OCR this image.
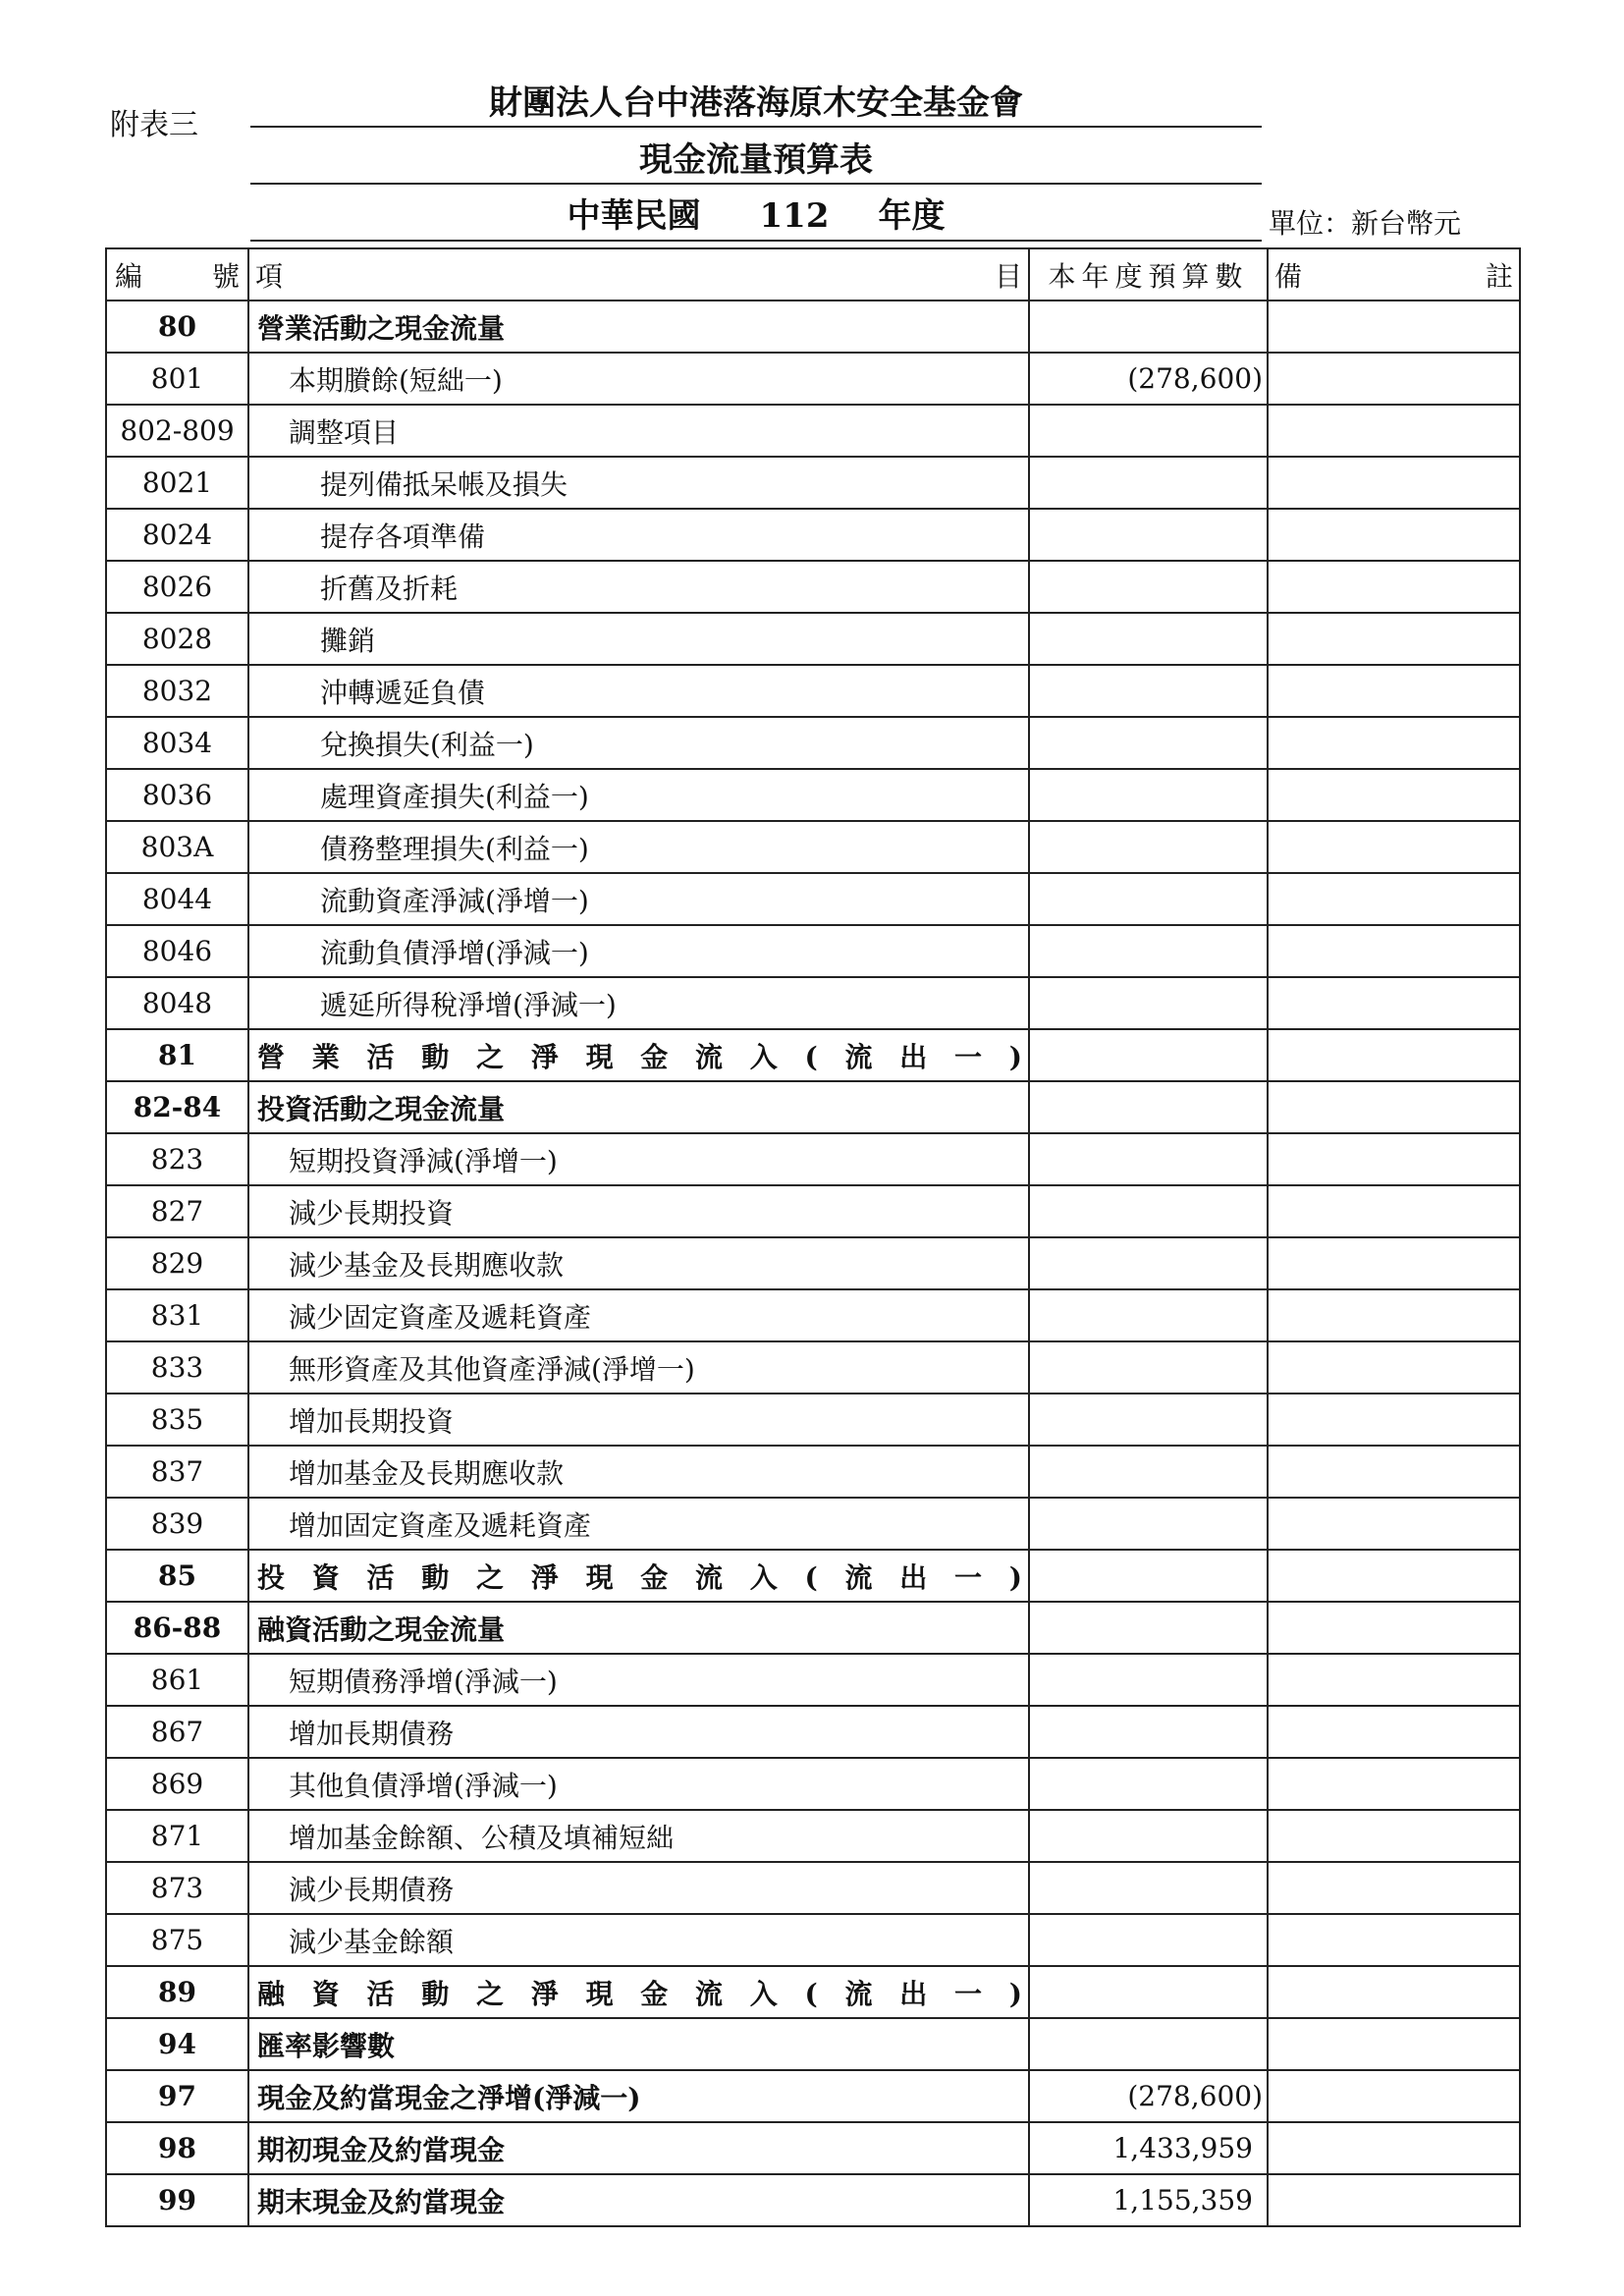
附表三
財團法人台中港落海原木安全基金會
現金流量預算表
中華民國 112 年度	單位：新台幣元
編 號	項 目	本年度預算數	備 註

80	營業活動之現金流量		
801	本期賸餘(短絀一)	(278,600)	
802-809	調整項目		
8021	提列備抵呆帳及損失		
8024	提存各項準備		
8026	折舊及折耗		
8028	攤銷		
8032	沖轉遞延負債		
8034	兌換損失(利益一)		
8036	處理資產損失(利益一)		
803A	債務整理損失(利益一)		
8044	流動資產淨減(淨增一)		
8046	流動負債淨增(淨減一)		
8048	遞延所得稅淨增(淨減一)		
81	營業活動之淨現金流入(流出一)		
82-84	投資活動之現金流量		
823	短期投資淨減(淨增一)		
827	減少長期投資		
829	減少基金及長期應收款		
831	減少固定資產及遞耗資產		
833	無形資產及其他資產淨減(淨增一)		
835	增加長期投資		
837	增加基金及長期應收款		
839	增加固定資產及遞耗資產		
85	投資活動之淨現金流入(流出一)		
86-88	融資活動之現金流量		
861	短期債務淨增(淨減一)		
867	增加長期債務		
869	其他負債淨增(淨減一)		
871	增加基金餘額、公積及填補短絀		
873	減少長期債務		
875	減少基金餘額		
89	融資活動之淨現金流入(流出一)		
94	匯率影響數		
97	現金及約當現金之淨增(淨減一)	(278,600)	
98	期初現金及約當現金	1,433,959	
99	期末現金及約當現金	1,155,359	
